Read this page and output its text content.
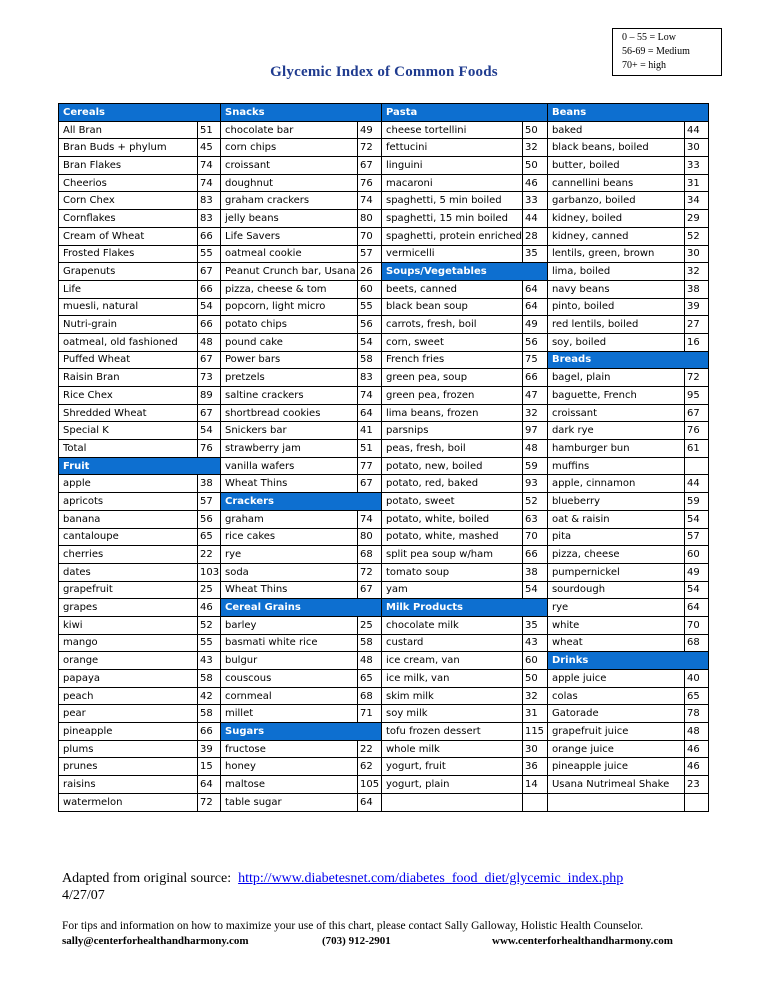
0 – 55 = Low
56-69 = Medium
70+ = high
Glycemic Index of Common Foods
Cereals		Snacks		Pasta		Beans	
All Bran	51	chocolate bar	49	cheese tortellini	50	baked	44
Bran Buds + phylum	45	corn chips	72	fettucini	32	black beans, boiled	30
Bran Flakes	74	croissant	67	linguini	50	butter, boiled	33
Cheerios	74	doughnut	76	macaroni	46	cannellini beans	31
Corn Chex	83	graham crackers	74	spaghetti, 5 min boiled	33	garbanzo, boiled	34
Cornflakes	83	jelly beans	80	spaghetti, 15 min boiled	44	kidney, boiled	29
Cream of Wheat	66	Life Savers	70	spaghetti, protein enriched	28	kidney, canned	52
Frosted Flakes	55	oatmeal cookie	57	vermicelli	35	lentils, green, brown	30
Grapenuts	67	Peanut Crunch bar, Usana	26	Soups/Vegetables		lima, boiled	32
Life	66	pizza, cheese & tom	60	beets, canned	64	navy beans	38
muesli, natural	54	popcorn, light micro	55	black bean soup	64	pinto, boiled	39
Nutri-grain	66	potato chips	56	carrots, fresh, boil	49	red lentils, boiled	27
oatmeal, old fashioned	48	pound cake	54	corn, sweet	56	soy, boiled	16
Puffed Wheat	67	Power bars	58	French fries	75	Breads	
Raisin Bran	73	pretzels	83	green pea, soup	66	bagel, plain	72
Rice Chex	89	saltine crackers	74	green pea, frozen	47	baguette, French	95
Shredded Wheat	67	shortbread cookies	64	lima beans, frozen	32	croissant	67
Special K	54	Snickers bar	41	parsnips	97	dark rye	76
Total	76	strawberry jam	51	peas, fresh, boil	48	hamburger bun	61
Fruit		vanilla wafers	77	potato, new, boiled	59	muffins	
apple	38	Wheat Thins	67	potato, red, baked	93	apple, cinnamon	44
apricots	57	Crackers		potato, sweet	52	blueberry	59
banana	56	graham	74	potato, white, boiled	63	oat & raisin	54
cantaloupe	65	rice cakes	80	potato, white, mashed	70	pita	57
cherries	22	rye	68	split pea soup w/ham	66	pizza, cheese	60
dates	103	soda	72	tomato soup	38	pumpernickel	49
grapefruit	25	Wheat Thins	67	yam	54	sourdough	54
grapes	46	Cereal Grains		Milk Products		rye	64
kiwi	52	barley	25	chocolate milk	35	white	70
mango	55	basmati white rice	58	custard	43	wheat	68
orange	43	bulgur	48	ice cream, van	60	Drinks	
papaya	58	couscous	65	ice milk, van	50	apple juice	40
peach	42	cornmeal	68	skim milk	32	colas	65
pear	58	millet	71	soy milk	31	Gatorade	78
pineapple	66	Sugars		tofu frozen dessert	115	grapefruit juice	48
plums	39	fructose	22	whole milk	30	orange juice	46
prunes	15	honey	62	yogurt, fruit	36	pineapple juice	46
raisins	64	maltose	105	yogurt, plain	14	Usana Nutrimeal Shake	23
watermelon	72	table sugar	64				
Adapted from original source: http://www.diabetesnet.com/diabetes_food_diet/glycemic_index.php
4/27/07
For tips and information on how to maximize your use of this chart, please contact Sally Galloway, Holistic Health Counselor.
sally@centerforhealthandharmony.com	(703) 912-2901	www.centerforhealthandharmony.com
